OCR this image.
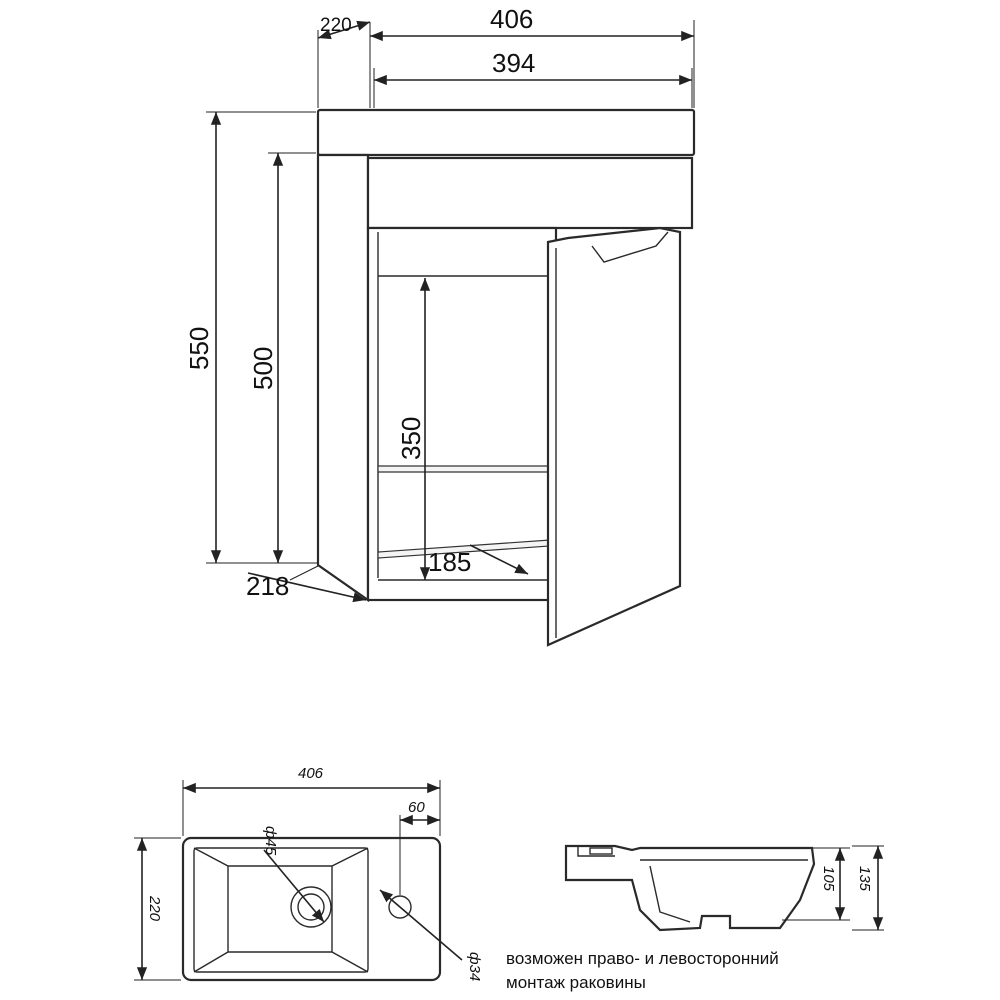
220	406
394
550 500
350
185
218
406
220
60
ф45
ф34
105 135
возможен право- и левосторонний
монтаж раковины
